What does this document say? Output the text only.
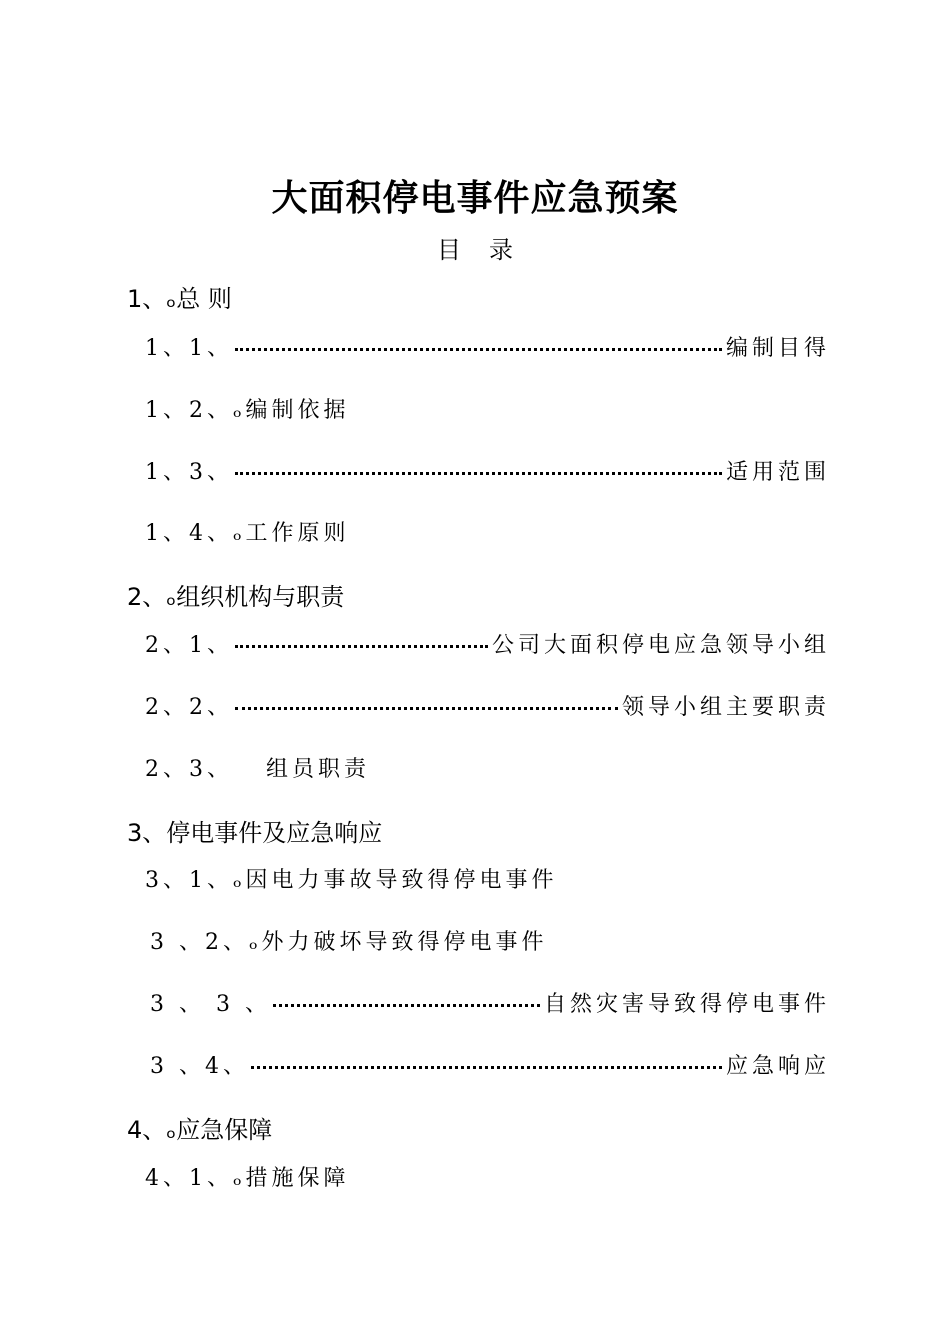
大面积停电事件应急预案
目录
1、ₒ总 则
1、1、	编制目得
1、2、ₒ编制依据
1、3、	适用范围
1、4、ₒ工作原则
2、ₒ组织机构与职责
2、1、	公司大面积停电应急领导小组
2、2、	领导小组主要职责
2、3、   组员职责
3、停电事件及应急响应
3、1、ₒ因电力事故导致得停电事件
3 、2、ₒ外力破坏导致得停电事件
3 、 3 、	自然灾害导致得停电事件
3 、4、	应急响应
4、ₒ应急保障
4、1、ₒ措施保障
